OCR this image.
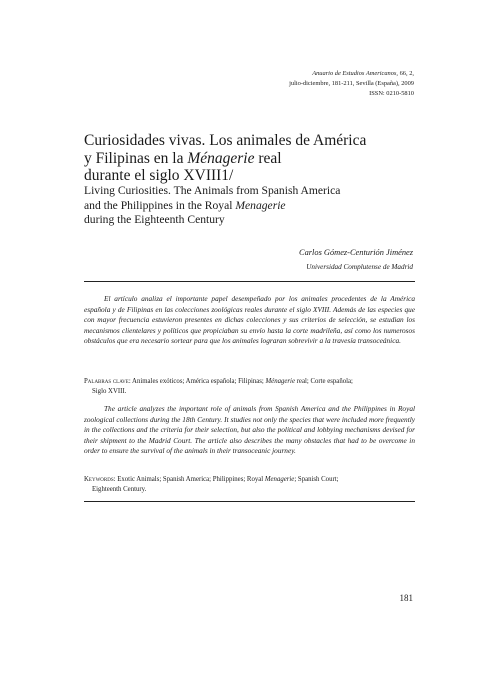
Anuario de Estudios Americanos, 66, 2,
julio-diciembre, 181-211, Sevilla (España), 2009
ISSN: 0210-5810
Curiosidades vivas. Los animales de América
y Filipinas en la Ménagerie real
durante el siglo XVIII1/
Living Curiosities. The Animals from Spanish America
and the Philippines in the Royal Menagerie
during the Eighteenth Century
Carlos Gómez-Centurión Jiménez
Universidad Complutense de Madrid

El artículo analiza el importante papel desempeñado por los animales procedentes de la América española y de Filipinas en las colecciones zoológicas reales durante el siglo XVIII. Además de las especies que con mayor frecuencia estuvieron presentes en dichas colecciones y sus criterios de selección, se estudian los mecanismos clientelares y políticos que propiciaban su envío hasta la corte madrileña, así como los numerosos obstáculos que era necesario sortear para que los animales lograran sobrevivir a la travesía transoceánica.

Palabras clave: Animales exóticos; América española; Filipinas; Ménagerie real; Corte española;
Siglo XVIII.

The article analyzes the important role of animals from Spanish America and the Philippines in Royal zoological collections during the 18th Century. It studies not only the species that were included more frequently in the collections and the criteria for their selection, but also the political and lobbying mechanisms devised for their shipment to the Madrid Court. The article also describes the many obstacles that had to be overcome in order to ensure the survival of the animals in their transoceanic journey.

Keywords: Exotic Animals; Spanish America; Philippines; Royal Menagerie; Spanish Court;
Eighteenth Century.
181
